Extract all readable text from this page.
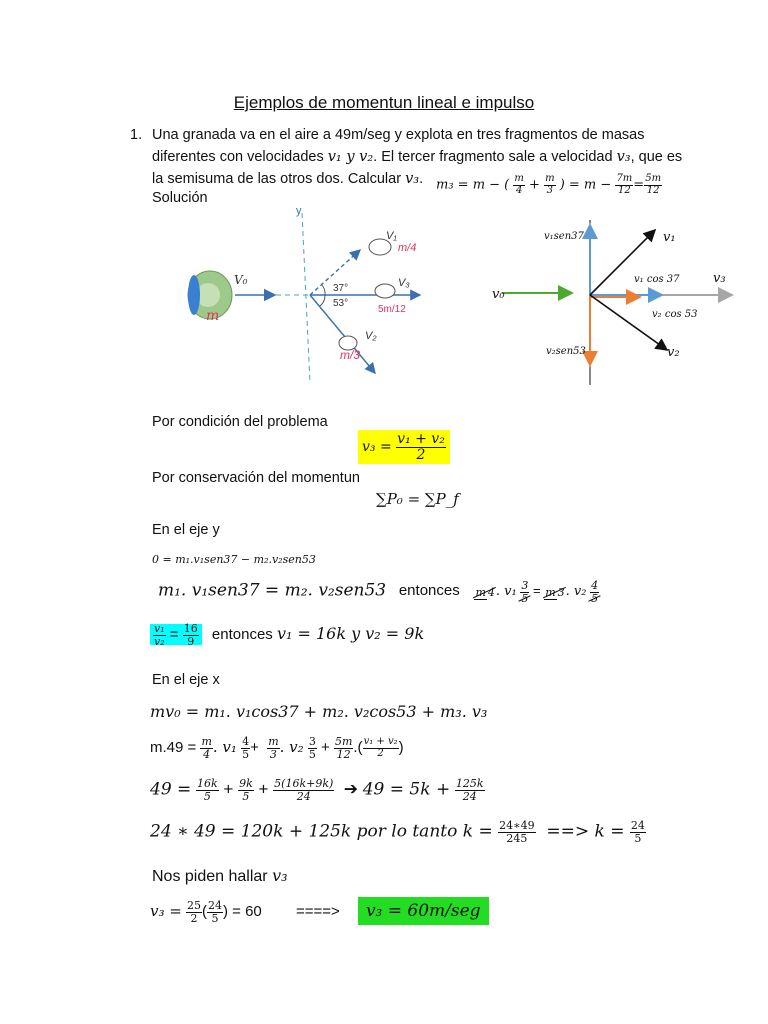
Ejemplos de momentun lineal e impulso
1. Una granada va en el aire a 49m/seg y explota en tres fragmentos de masas
diferentes con velocidades v₁ y v₂. El tercer fragmento sale a velocidad v₃, que es
la semisuma de las otros dos. Calcular v₃.
Solución
m₃ = m − ( $\frac{m}{4} + \frac{m}{3}$ ) = $m - \frac{7m}{12} = \frac{5m}{12}$
V₀
m
y
V₁
m/4
V₃
5m/12
V₂
m/3
37°
53°
v₁sen37	v₁
v₁ cos 37	v₃
v₀
v₂ cos 53
v₂sen53	v₂
Por condición del problema
$v_3 = \frac{\text{v₁ + v₂}}{2}$
Por conservación del momentun
∑P₀ = ∑P_f
En el eje y
0 = m₁.v₁sen37 − m₂.v₂sen53
m₁. v₁sen37 = m₂. v₂sen53 entonces m 4. $v_1 \frac{3}{5} = m$ 3. $v_2 \frac{4}{5}$
$\frac{\text{v₁}}{\text{v₂}} = \frac{16}{9}$ entonces v₁ = 16k y v₂ = 9k
En el eje x
mv₀ = m₁. v₁cos37 + m₂. v₂cos53 + m₃. v₃
$m.49 = \frac{m}{4}$ . $v_1 \frac{4}{5} + \frac{m}{3}$ . $v_2 \frac{3}{5} + \frac{5m}{12}$ .( $\frac{\text{v₁ + v₂}}{2}$ )
$49 = \frac{16k}{5} + \frac{9k}{5} + \frac{5(16k+9k)}{24}$ ➔ $49 = 5k + \frac{125k}{24}$
24 ∗ 49 = 120k + 125k por lo tanto $k = \frac{24∗49}{245}$ ==> $k = \frac{24}{5}$
Nos piden hallar v₃
$v_3 = \frac{25}{2}$ ( $\frac{24}{5}$ ) = 60 ====> v₃ = 60m/seg
